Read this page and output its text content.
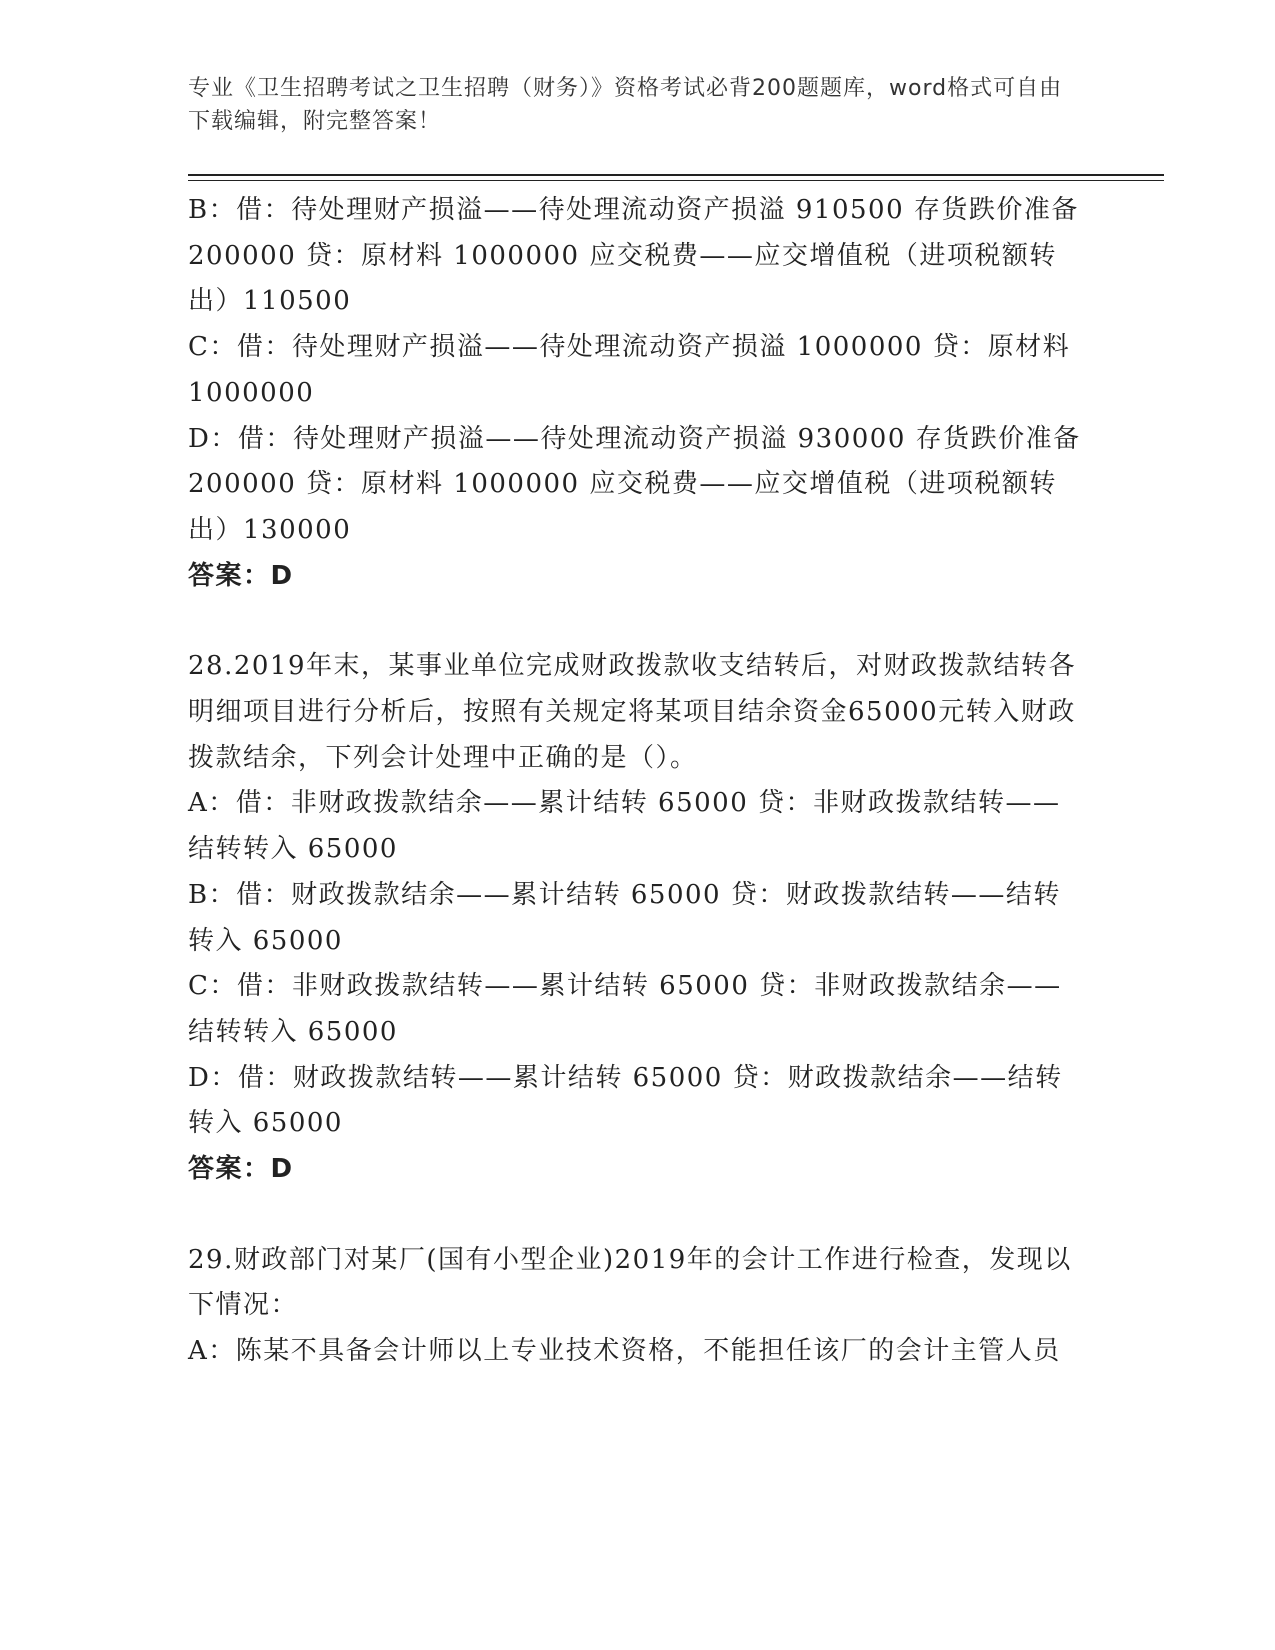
专业《卫生招聘考试之卫生招聘（财务）》资格考试必背200题题库，word格式可自由下载编辑，附完整答案！

B：借：待处理财产损溢——待处理流动资产损溢 910500 存货跌价准备 200000 贷：原材料 1000000 应交税费——应交增值税（进项税额转出）110500

C：借：待处理财产损溢——待处理流动资产损溢 1000000 贷：原材料 1000000

D：借：待处理财产损溢——待处理流动资产损溢 930000 存货跌价准备 200000 贷：原材料 1000000 应交税费——应交增值税（进项税额转出）130000

答案：D

28.2019年末，某事业单位完成财政拨款收支结转后，对财政拨款结转各明细项目进行分析后，按照有关规定将某项目结余资金65000元转入财政拨款结余，下列会计处理中正确的是（）。

A：借：非财政拨款结余——累计结转 65000 贷：非财政拨款结转——结转转入 65000

B：借：财政拨款结余——累计结转 65000 贷：财政拨款结转——结转转入 65000

C：借：非财政拨款结转——累计结转 65000 贷：非财政拨款结余——结转转入 65000

D：借：财政拨款结转——累计结转 65000 贷：财政拨款结余——结转转入 65000

答案：D

29.财政部门对某厂(国有小型企业)2019年的会计工作进行检查，发现以下情况：

A：陈某不具备会计师以上专业技术资格，不能担任该厂的会计主管人员
